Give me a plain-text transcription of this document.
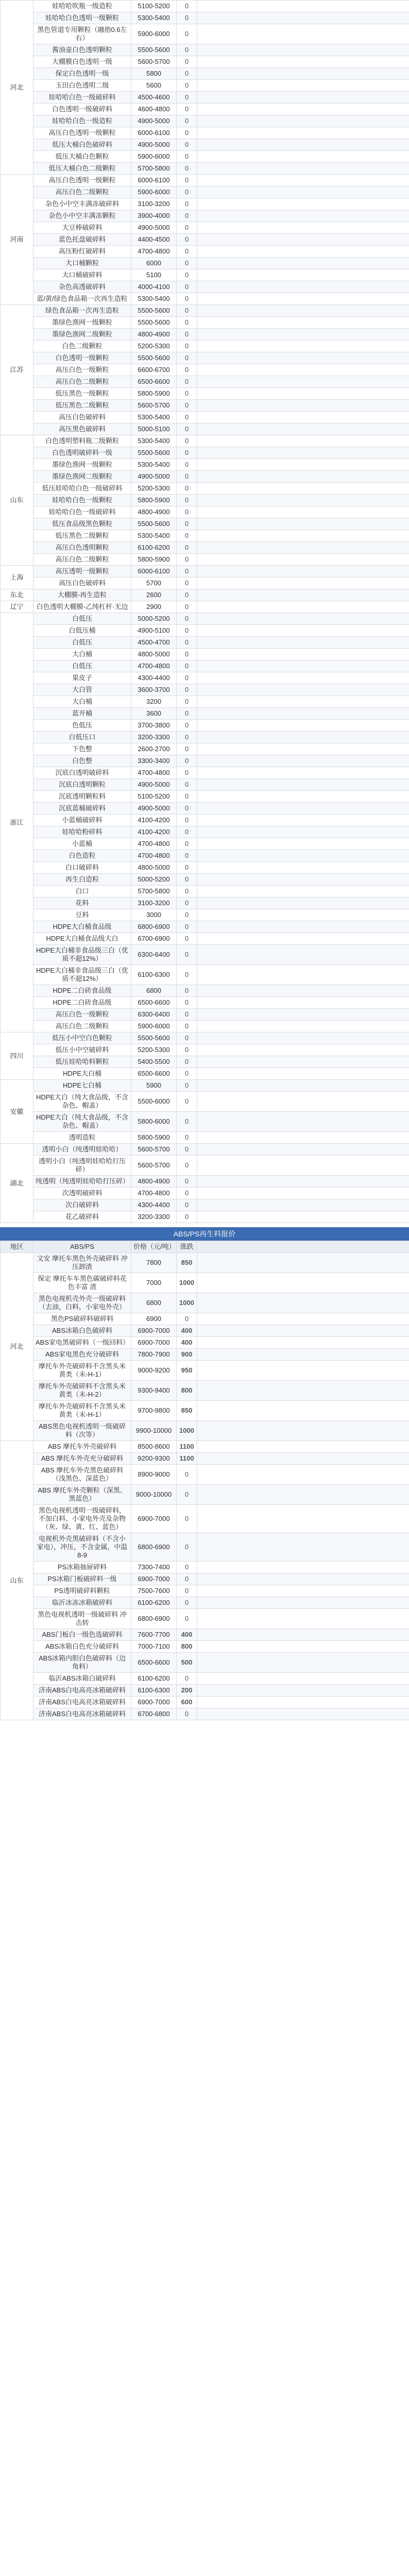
河北	娃哈哈吹瓶一级造粒	5100-5200	0	
	娃哈哈白色透明一级颗粒	5300-5400	0	
	黑色管道专用颗粒（融指0.6左右）	5900-6000	0	
	酱油壶白色透明颗粒	5500-5600	0	
	大棚膜白色透明一级	5600-5700	0	
	保定白色透明一级	5800	0	
	玉田白色透明二级	5600	0	
	娃哈哈白色一级破碎料	4500-4600	0	
	白色透明一级破碎料	4600-4800	0	
	娃哈哈白色一级造粒	4900-5000	0	
	高压白色透明一级颗粒	6000-6100	0	
	低压大桶白色破碎料	4900-5000	0	
	低压大桶白色颗粒	5900-6000	0	
	低压大桶白色二级颗粒	5700-5800	0	
河南	高压白色透明一级颗粒	6000-6100	0	
	高压白色二级颗粒	5900-6000	0	
	杂色小中空丰满冻破碎料	3100-3200	0	
	杂色小中空丰满冻颗粒	3900-4000	0	
	大豆棒破碎料	4900-5000	0	
	蓝色托盘破碎料	4400-4500	0	
	高压粉红破碎料	4700-4800	0	
	大口桶颗粒	6000	0	
	大口桶破碎料	5100	0	
	杂色高透破碎料	4000-4100	0	
	蓝/黄/绿色食品箱一次再生造粒	5300-5400	0	
江苏	绿色食品箱一次再生造粒	5500-5600	0	
	墨绿色渔网一级颗粒	5500-5600	0	
	墨绿色渔网二级颗粒	4800-4900	0	
	白色二级颗粒	5200-5300	0	
	白色透明一级颗粒	5500-5600	0	
	高压白色一级颗粒	6600-6700	0	
	高压白色二级颗粒	6500-6600	0	
	低压黑色一级颗粒	5800-5900	0	
	低压黑色二级颗粒	5600-5700	0	
	高压白色破碎料	5300-5400	0	
	高压黑色破碎料	5000-5100	0	
山东	白色透明塑料瓶二级颗粒	5300-5400	0	
	白色透明破碎料一级	5500-5600	0	
	墨绿色渔网一级颗粒	5300-5400	0	
	墨绿色渔网二级颗粒	4900-5000	0	
	低压娃哈哈白色一级破碎料	5200-5300	0	
	娃哈哈白色一级颗粒	5800-5900	0	
	娃哈哈白色一级破碎料	4800-4900	0	
	低压食品级黑色颗粒	5500-5600	0	
	低压黑色二级颗粒	5300-5400	0	
	高压白色透明颗粒	6100-6200	0	
	高压白色二级颗粒	5800-5900	0	
上海	高压透明一级颗粒	6000-6100	0	
	高压白色破碎料	5700	0	
东北	大棚膜-再生造粒	2600	0	
辽宁	白色透明大棚膜-乙纯杠杆·无边	2900	0	
浙江	白低压	5000-5200	0	
	白低压桶	4900-5100	0	
	白低压	4500-4700	0	
	大白桶	4800-5000	0	
	白低压	4700-4800	0	
	果皮子	4300-4400	0	
	大白管	3600-3700	0	
	大白桶	3200	0	
	蓝开桶	3600	0	
	色低压	3700-3800	0	
	白低压口	3200-3300	0	
	下色整	2600-2700	0	
	白色整	3300-3400	0	
	沉底白透明破碎料	4700-4800	0	
	沉底白透明颗粒	4900-5000	0	
	沉底透明颗粒料	5100-5200	0	
	沉底蓝桶破碎料	4900-5000	0	
	小蓝桶破碎料	4100-4200	0	
	娃哈哈粉碎料	4100-4200	0	
	小蓝桶	4700-4800	0	
	白色造粒	4700-4800	0	
	白口破碎料	4800-5000	0	
	再生白造粒	5000-5200	0	
	白口	5700-5800	0	
	花料	3100-3200	0	
	豆料	3000	0	
	HDPE大白桶食品级	6800-6900	0	
	HDPE大白桶食品级大白	6700-6900	0	
	HDPE大白桶非食品级三白（优质不超12%）	6300-6400	0	
	HDPE大白桶非食品级三白（优质不超12%）	6100-6300	0	
	HDPE二白砖食品级	6800	0	
	HDPE二白砖食品级	6500-6600	0	
	高压白色一级颗粒	6300-6400	0	
	高压白色二级颗粒	5900-6000	0	
四川	低压小中空白色颗粒	5500-5600	0	
	低压小中空破碎料	5200-5300	0	
	低压娃哈哈料颗粒	5400-5500	0	
	HDPE大白桶	6500-6600	0	
安徽	HDPE七白桶	5900	0	
	HDPE大白（纯大食品级，不含杂色、帽盖）	5500-6000	0	
	HDPE大白（纯大食品级，不含杂色、帽盖）	5800-6000	0	
	透明造粒	5800-5900	0	
湖北	透明小白（纯透明娃哈哈）	5600-5700	0	
	透明小白（纯透明娃哈哈打压碎）	5600-5700	0	
	纯透明（纯透明娃哈哈打压碎）	4800-4900	0	
	次透明破碎料	4700-4800	0	
	次白破碎料	4300-4400	0	
	花乙破碎料	3200-3300	0	
ABS/PS再生料报价
地区	ABS/PS	价格（元/吨）	涨跌	
河北	文安 摩托车黑色外壳破碎料 冲压卸渣	7800	850	
	保定 摩托车车黑色碳破碎料花色丰富 渣	7000	1000	
	黑色电视机壳外壳一级破碎料（去油，白料，小家电外壳）	6800	1000	
	黑色PS破碎料破碎料	6900	0	
	ABS冰箱白色破碎料	6900-7000	400	
	ABS家电黑破碎料（一级回料）	6900-7000	400	
	ABS家电黑色充分破碎料	7800-7900	900	
	摩托车外壳破碎料不含黑头米黄类（未-H-1）	9000-9200	950	
	摩托车外壳破碎料不含黑头米黄类（未-H-2）	9300-9400	800	
	摩托车外壳破碎料不含黑头米黄类（未-H-1）	9700-9800	850	
	ABS黑色电视机透明一级破碎料（次等）	9900-10000	1000	
山东	ABS 摩托车外壳破碎料	8500-8600	1100	
	ABS 摩托车外壳充分破碎料	9200-9300	1100	
	ABS 摩托车外壳黑色破碎料（浅黑色、深蓝色）	8900-9000	0	
	ABS 摩托车外壳颗粒（深黑、黑蓝色）	9000-10000	0	
	黑色电视机透明一级破碎料，不加白料、小家电外壳及杂物（灰、绿、黄、红、蓝色）	6900-7000	0	
	电视机外壳黑破碎料（不含小家电），冲压，不含金属，中温8-9	6800-6900	0	
	PS冰箱抽屉碎料	7300-7400	0	
	PS冰箱门板破碎料一级	6900-7000	0	
	PS透明破碎料颗粒	7500-7600	0	
	临沂冰冻冰箱破碎料	6100-6200	0	
	黑色电视机透明一级破碎料 冲击转	6800-6900	0	
	ABS门板白一级色选破碎料	7600-7700	400	
	ABS冰箱白色充分破碎料	7000-7100	800	
	ABS冰箱内胆白色破碎料（边角料）	6500-6600	500	
	临沂ABS冰箱白破碎料	6100-6200	0	
	济南ABS白电高亮冰箱破碎料	6100-6300	200	
	济南ABS白电高亮冰箱破碎料	6900-7000	600	
	济南ABS白电高亮冰箱破碎料	6700-6800	0	
